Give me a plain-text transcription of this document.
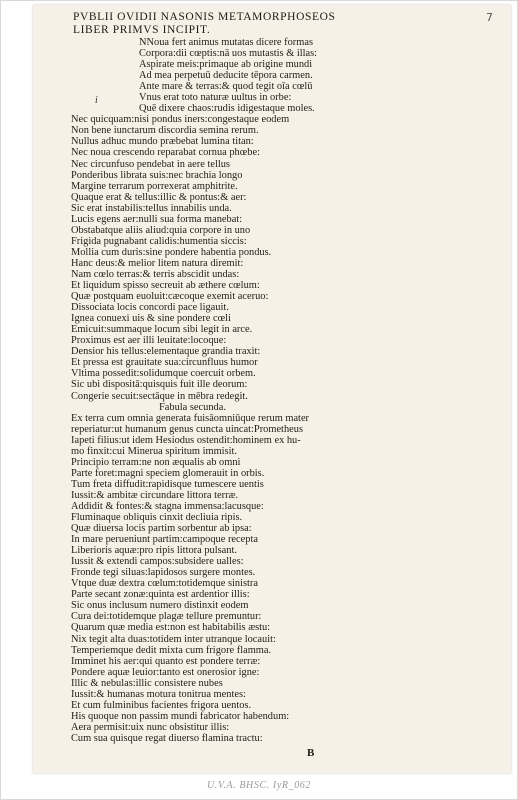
7
PVBLII OVIDII NASONIS METAMORPHOSEOS
LIBER PRIMVS INCIPIT.
i
NNoua fert animus mutatas dicere formas
Corpora:dii cœptis:nā uos mutastis & illas:
Aspirate meis:primaque ab origine mundi
Ad mea perpetuū deducite tēpora carmen.
Ante mare & terras:& quod tegit oīa cœlū
Vnus erat toto naturæ uultus in orbe:
Quē dixere chaos:rudis idigestaque moles.
Nec quicquam:nisi pondus iners:congestaque eodem
Non bene iunctarum discordia semina rerum.
Nullus adhuc mundo præbebat lumina titan:
Nec noua crescendo reparabat cornua phœbe:
Nec circunfuso pendebat in aere tellus
Ponderibus librata suis:nec brachia longo
Margine terrarum porrexerat amphitrite.
Quaque erat & tellus:illic & pontus:& aer:
Sic erat instabilis:tellus innabilis unda.
Lucis egens aer:nulli sua forma manebat:
Obstabatque aliis aliud:quia corpore in uno
Frigida pugnabant calidis:humentia siccis:
Mollia cum duris:sine pondere habentia pondus.
Hanc deus:& melior litem natura diremit:
Nam cœlo terras:& terris abscidit undas:
Et liquidum spisso secreuit ab æthere cœlum:
Quæ postquam euoluit:cæcoque exemit aceruo:
Dissociata locis concordi pace ligauit.
Ignea conuexi uis & sine pondere cœli
Emicuit:summaque locum sibi legit in arce.
Proximus est aer illi leuitate:locoque:
Densior his tellus:elementaque grandia traxit:
Et pressa est grauitate sua:circunfluus humor
Vltima possedit:solidumque coercuit orbem.
Sic ubi dispositā:quisquis fuit ille deorum:
Congerie secuit:sectāque in mēbra redegit.
Fabula secunda.
Ex terra cum omnia generata fuisāomniūque rerum mater
reperiatur:ut humanum genus cuncta uincat:Prometheus
Iapeti filius:ut idem Hesiodus ostendit:hominem ex hu-
mo finxit:cui Minerua spiritum immisit.
Principio terram:ne non æqualis ab omni
Parte foret:magni speciem glomerauit in orbis.
Tum freta diffudit:rapidisque tumescere uentis
Iussit:& ambitæ circundare littora terræ.
Addidit & fontes:& stagna immensa:lacusque:
Fluminaque obliquis cinxit decliuia ripis.
Quæ diuersa locis partim sorbentur ab ipsa:
In mare perueniunt partim:campoque recepta
Liberioris aquæ:pro ripis littora pulsant.
Iussit & extendi campos:subsidere ualles:
Fronde tegi siluas:lapidosos surgere montes.
Vtque duæ dextra cœlum:totidemque sinistra
Parte secant zonæ:quinta est ardentior illis:
Sic onus inclusum numero distinxit eodem
Cura dei:totidemque plagæ tellure premuntur:
Quarum quæ media est:non est habitabilis æstu:
Nix tegit alta duas:totidem inter utranque locauit:
Temperiemque dedit mixta cum frigore flamma.
Imminet his aer:qui quanto est pondere terræ:
Pondere aquæ leuior:tanto est onerosior igne:
Illic & nebulas:illic consistere nubes
Iussit:& humanas motura tonitrua mentes:
Et cum fulminibus facientes frigora uentos.
His quoque non passim mundi fabricator habendum:
Aera permisit:uix nunc obsistitur illis:
Cum sua quisque regat diuerso flamina tractu:
B
U.V.A. BHSC. IyR_062
